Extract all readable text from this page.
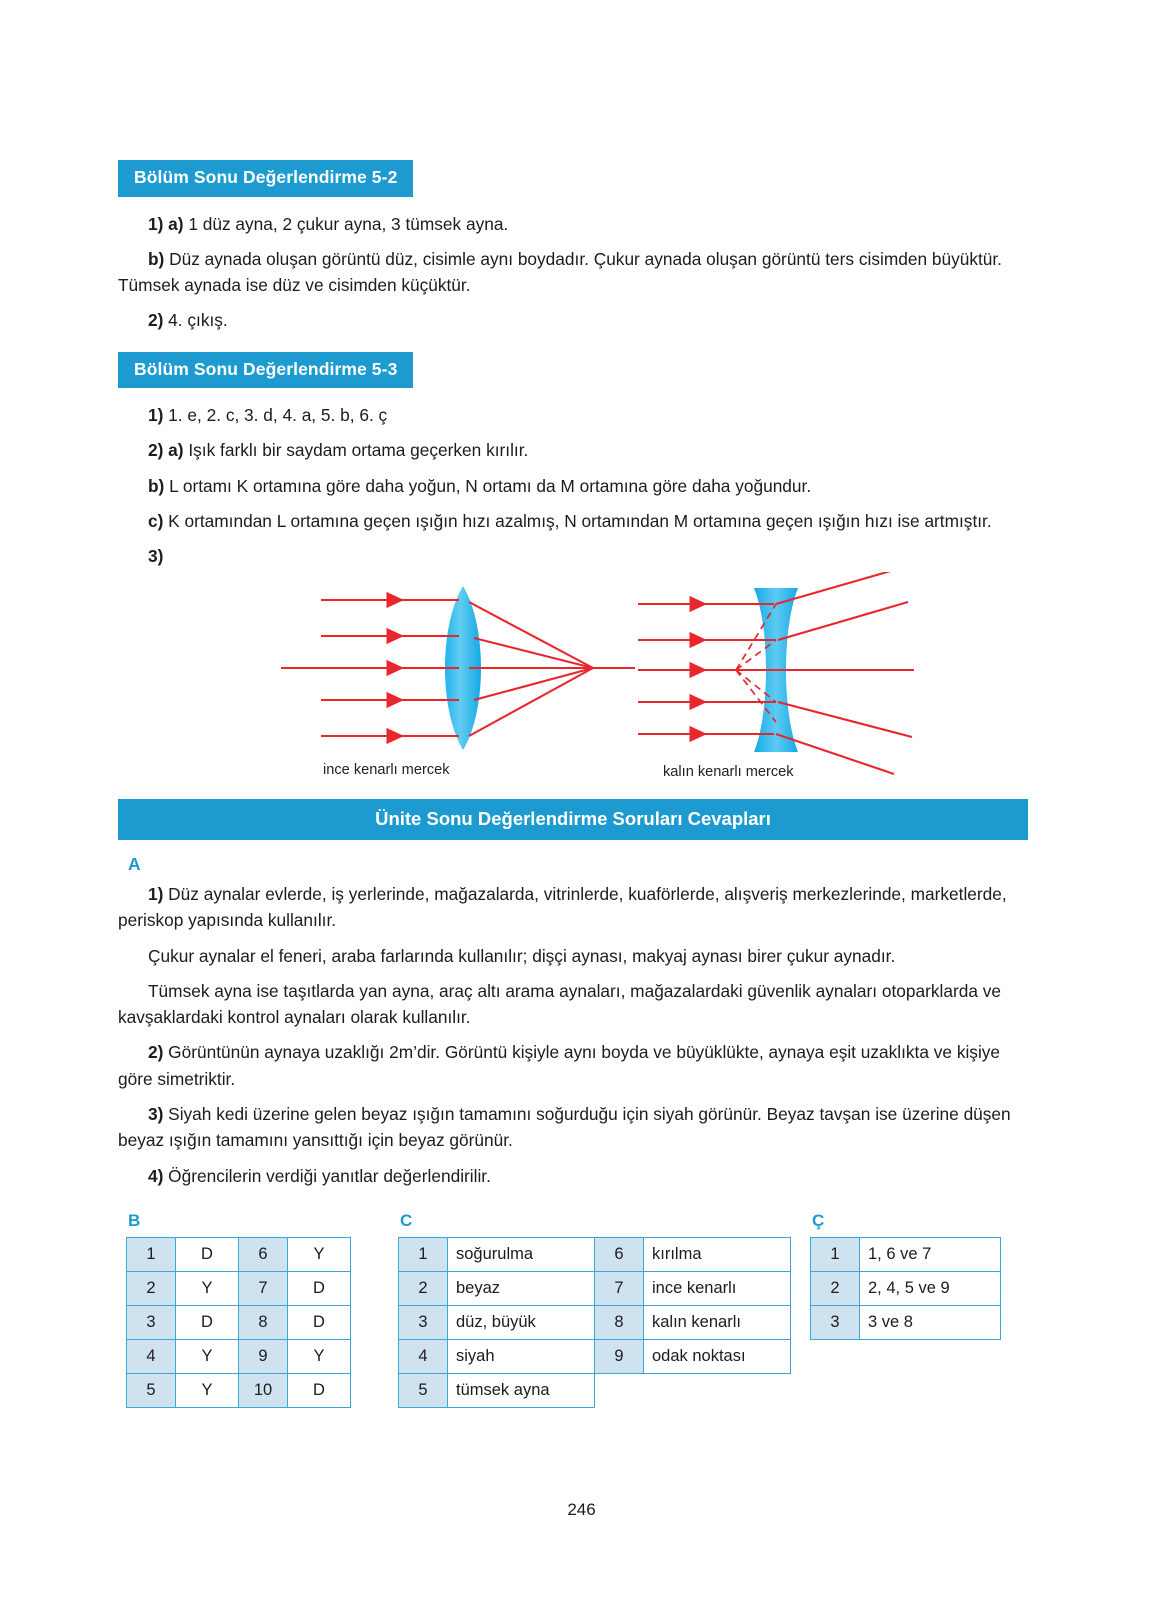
Bölüm Sonu Değerlendirme 5-2

1) a) 1 düz ayna, 2 çukur ayna, 3 tümsek ayna.

b) Düz aynada oluşan görüntü düz, cisimle aynı boydadır. Çukur aynada oluşan görüntü ters cisimden büyüktür. Tümsek aynada ise düz ve cisimden küçüktür.

2) 4. çıkış.

Bölüm Sonu Değerlendirme 5-3

1) 1. e, 2. c, 3. d, 4. a, 5. b, 6. ç

2) a) Işık farklı bir saydam ortama geçerken kırılır.

b) L ortamı K ortamına göre daha yoğun, N ortamı da M ortamına göre daha yoğundur.

c) K ortamından L ortamına geçen ışığın hızı azalmış, N ortamından M ortamına geçen ışığın hızı ise artmıştır.

3)

ince kenarlı mercek	kalın kenarlı mercek
Ünite Sonu Değerlendirme Soruları Cevapları

A

1) Düz aynalar evlerde, iş yerlerinde, mağazalarda, vitrinlerde, kuaförlerde, alışveriş merkezlerinde, marketlerde, periskop yapısında kullanılır.

Çukur aynalar el feneri, araba farlarında kullanılır; dişçi aynası, makyaj aynası birer çukur aynadır.

Tümsek ayna ise taşıtlarda yan ayna, araç altı arama aynaları, mağazalardaki güvenlik aynaları otoparklarda ve kavşaklardaki kontrol aynaları olarak kullanılır.

2) Görüntünün aynaya uzaklığı 2m’dir. Görüntü kişiyle aynı boyda ve büyüklükte, aynaya eşit uzaklıkta ve kişiye göre simetriktir.

3) Siyah kedi üzerine gelen beyaz ışığın tamamını soğurduğu için siyah görünür. Beyaz tavşan ise üzerine düşen beyaz ışığın tamamını yansıttığı için beyaz görünür.

4) Öğrencilerin verdiği yanıtlar değerlendirilir.

B

1	D	6	Y
2	Y	7	D
3	D	8	D
4	Y	9	Y
5	Y	10	D

C

1	soğurulma	6	kırılma
2	beyaz	7	ince kenarlı
3	düz, büyük	8	kalın kenarlı
4	siyah	9	odak noktası
5	tümsek ayna		

Ç

1	1, 6 ve 7
2	2, 4, 5 ve 9
3	3 ve 8
246
